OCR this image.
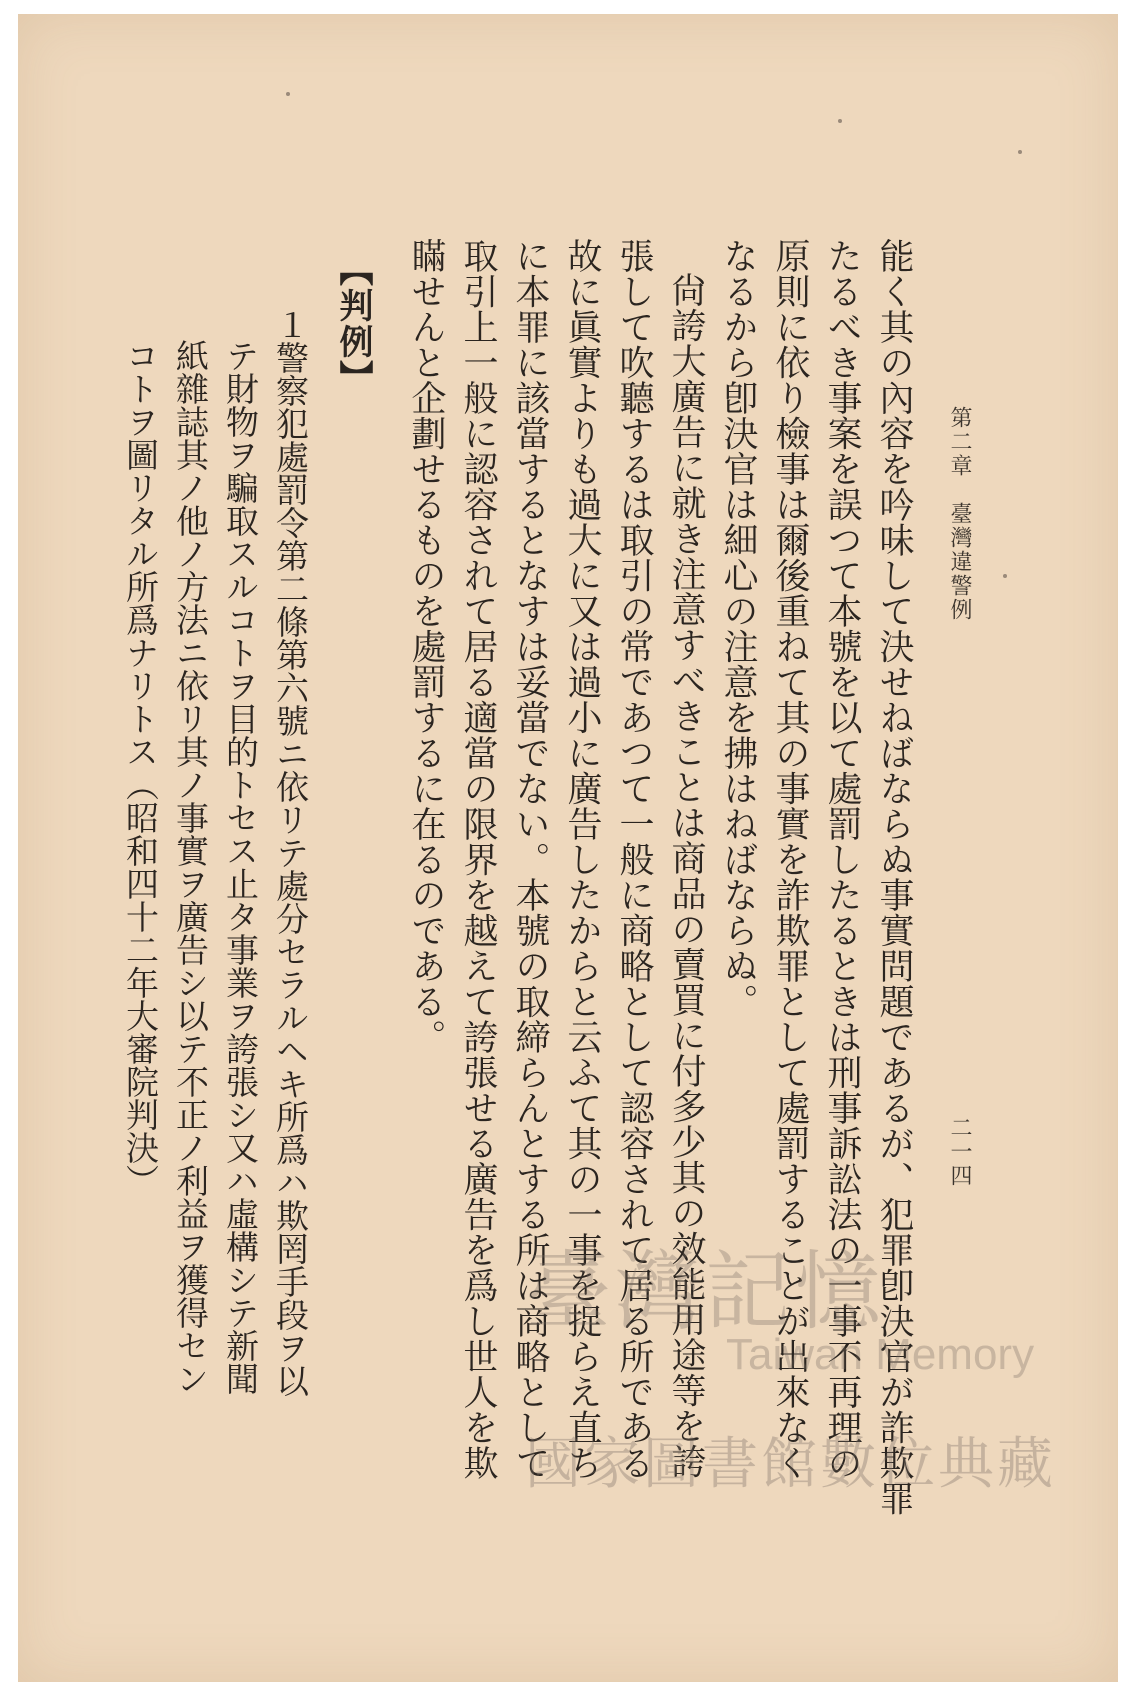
第二章　臺灣違警例
二一四
能く其の內容を吟味して決せねばならぬ事實問題であるが、犯罪卽決官が詐欺罪
たるべき事案を誤つて本號を以て處罰したるときは刑事訴訟法の一事不再理の
原則に依り檢事は爾後重ねて其の事實を詐欺罪として處罰することが出來なく
なるから卽決官は細心の注意を拂はねばならぬ。
尙誇大廣告に就き注意すべきことは商品の賣買に付多少其の效能用途等を誇
張して吹聽するは取引の常であつて一般に商略として認容されて居る所である
故に眞實よりも過大に又は過小に廣告したからと云ふて其の一事を捉らえ直ち
に本罪に該當するとなすは妥當でない。本號の取締らんとする所は商略として
取引上一般に認容されて居る適當の限界を越えて誇張せる廣告を爲し世人を欺
瞞せんと企劃せるものを處罰するに在るのである。
【判例】
１警察犯處罰令第二條第六號ニ依リテ處分セラルヘキ所爲ハ欺罔手段ヲ以
テ財物ヲ騙取スルコトヲ目的トセス止タ事業ヲ誇張シ又ハ虛構シテ新聞
紙雜誌其ノ他ノ方法ニ依リ其ノ事實ヲ廣告シ以テ不正ノ利益ヲ獲得セン
コトヲ圖リタル所爲ナリトス（昭和四十二年大審院判決）
臺灣記憶
Taiwan Memory
國家圖書館數位典藏
